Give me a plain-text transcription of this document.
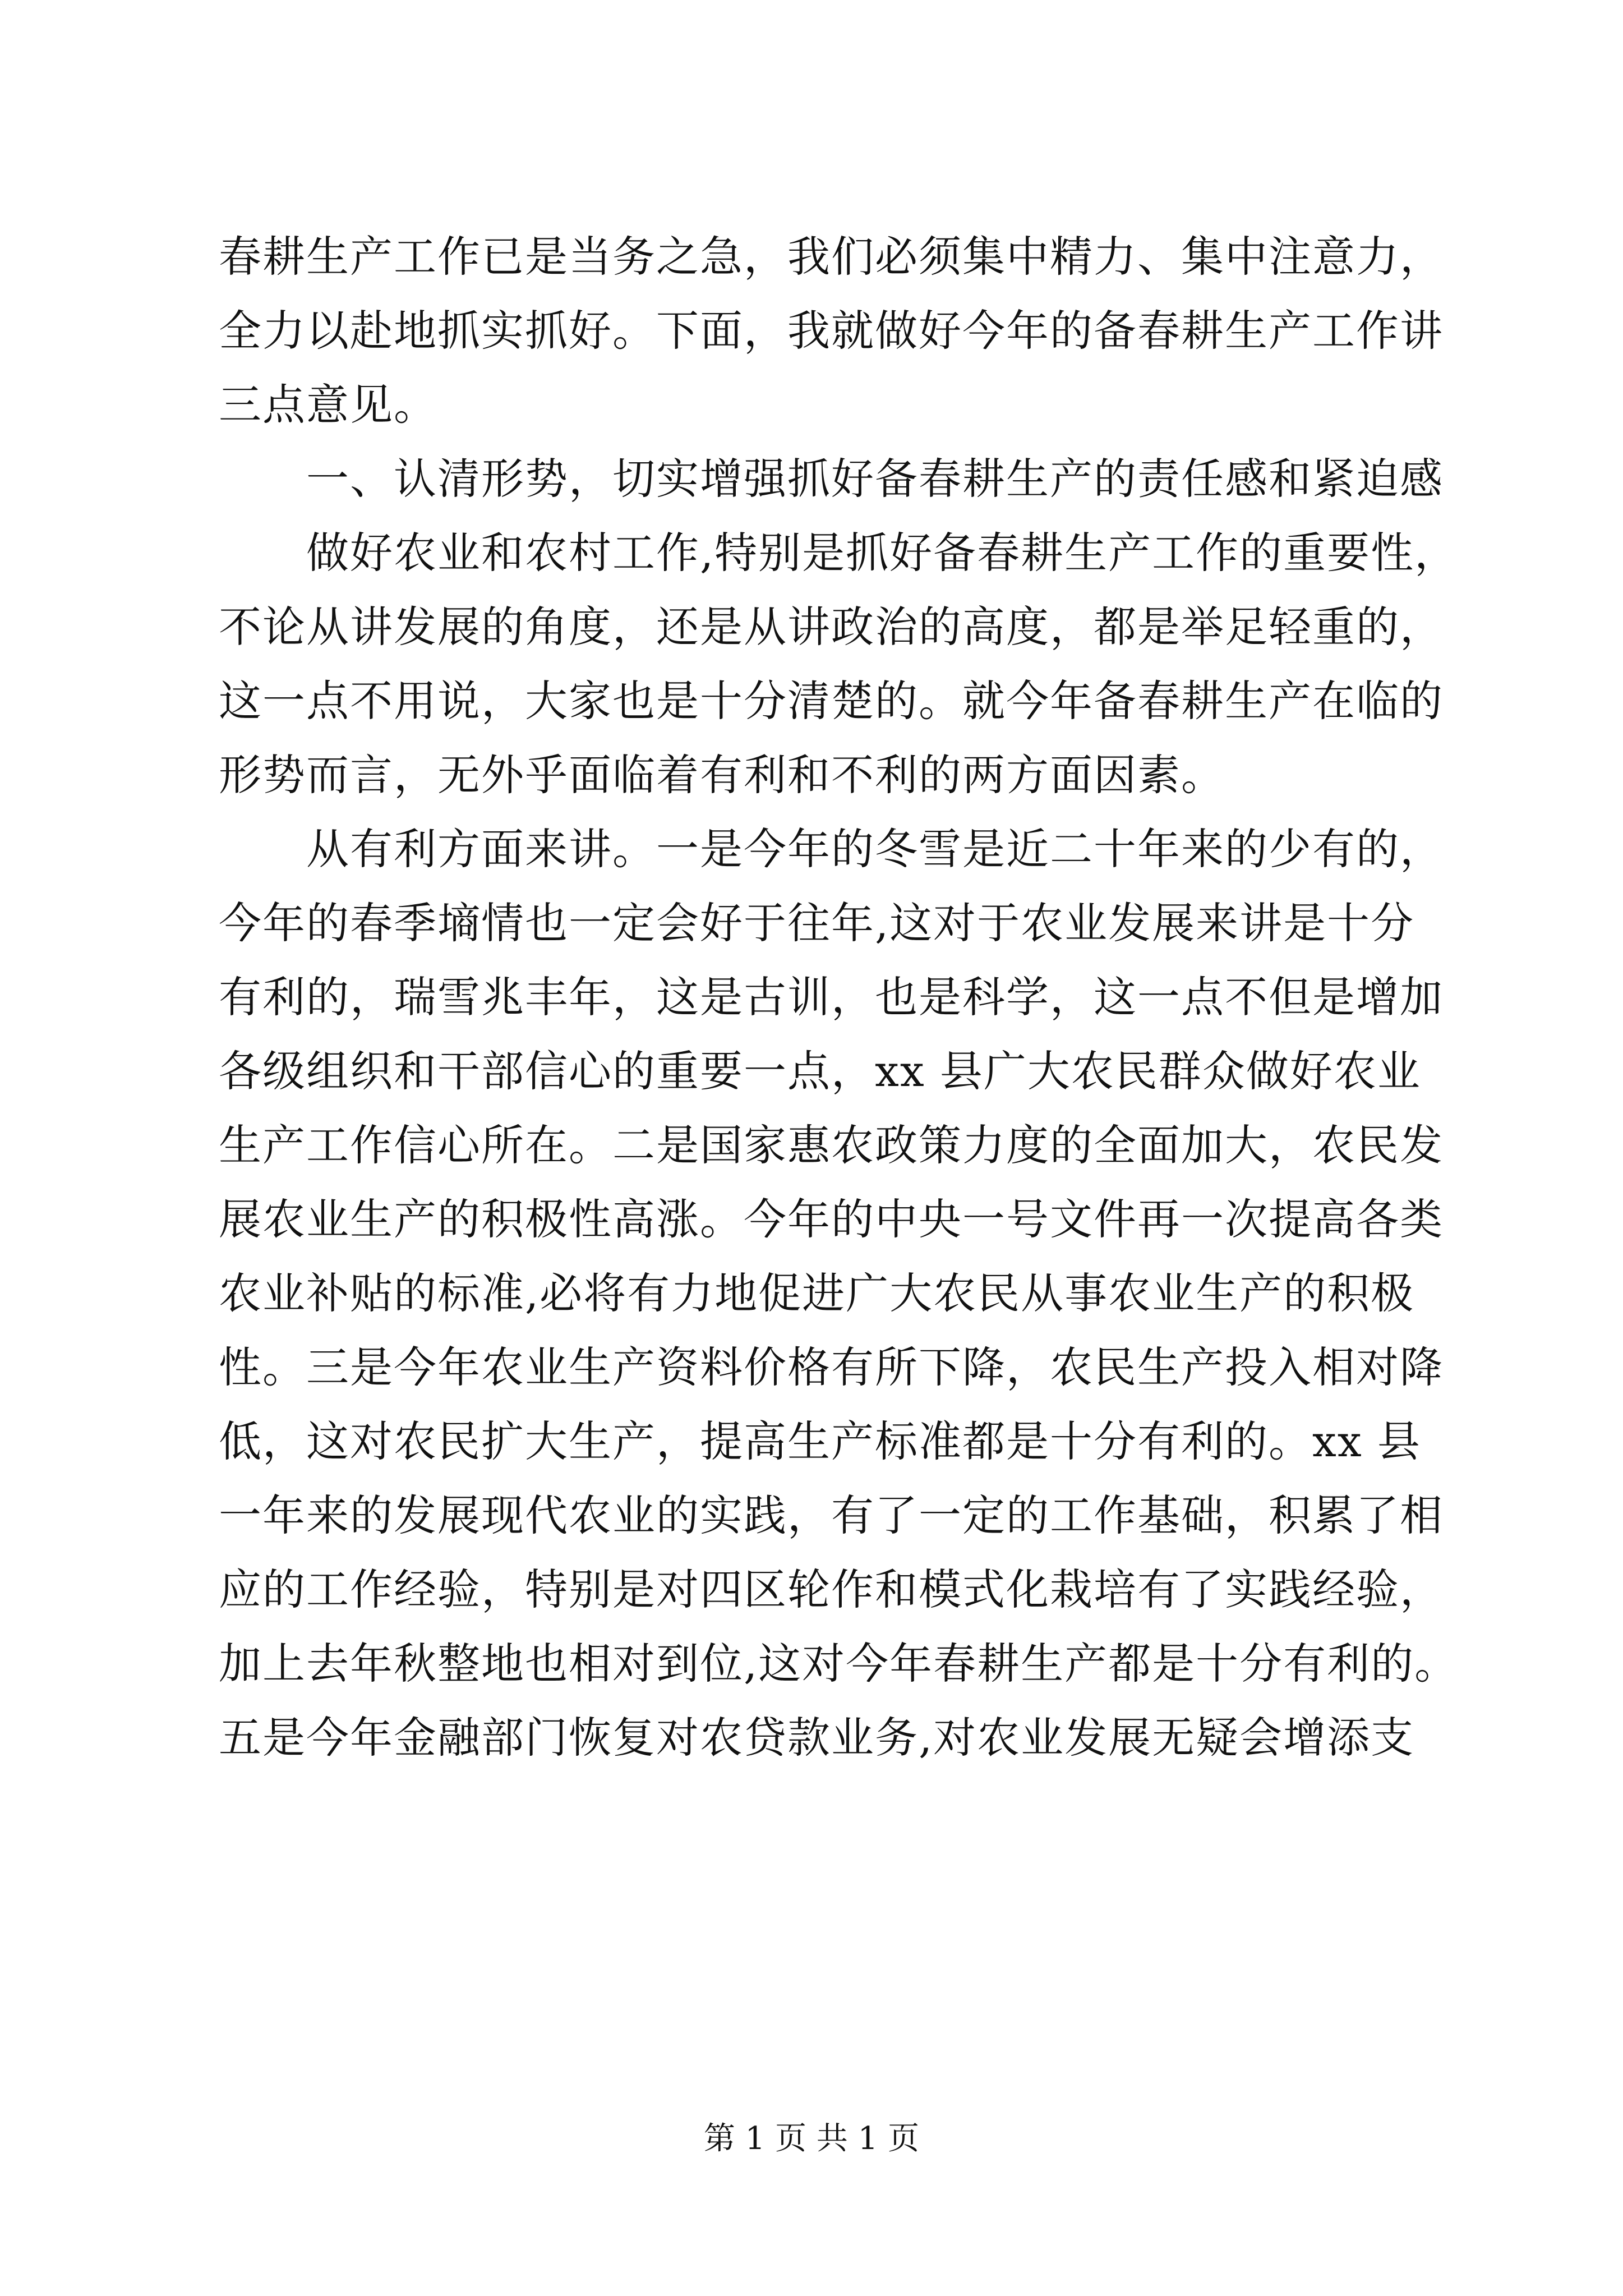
春耕生产工作已是当务之急，我们必须集中精力、集中注意力，
全力以赴地抓实抓好。下面，我就做好今年的备春耕生产工作讲
三点意见。
一、认清形势，切实增强抓好备春耕生产的责任感和紧迫感
做好农业和农村工作,特别是抓好备春耕生产工作的重要性，
不论从讲发展的角度，还是从讲政治的高度，都是举足轻重的，
这一点不用说，大家也是十分清楚的。就今年备春耕生产在临的
形势而言，无外乎面临着有利和不利的两方面因素。
从有利方面来讲。一是今年的冬雪是近二十年来的少有的，
今年的春季墒情也一定会好于往年,这对于农业发展来讲是十分
有利的，瑞雪兆丰年，这是古训，也是科学，这一点不但是增加
各级组织和干部信心的重要一点，xx 县广大农民群众做好农业
生产工作信心所在。二是国家惠农政策力度的全面加大，农民发
展农业生产的积极性高涨。今年的中央一号文件再一次提高各类
农业补贴的标准,必将有力地促进广大农民从事农业生产的积极
性。三是今年农业生产资料价格有所下降，农民生产投入相对降
低，这对农民扩大生产，提高生产标准都是十分有利的。xx 县
一年来的发展现代农业的实践，有了一定的工作基础，积累了相
应的工作经验，特别是对四区轮作和模式化栽培有了实践经验，
加上去年秋整地也相对到位,这对今年春耕生产都是十分有利的。
五是今年金融部门恢复对农贷款业务,对农业发展无疑会增添支
第 1 页 共 1 页
